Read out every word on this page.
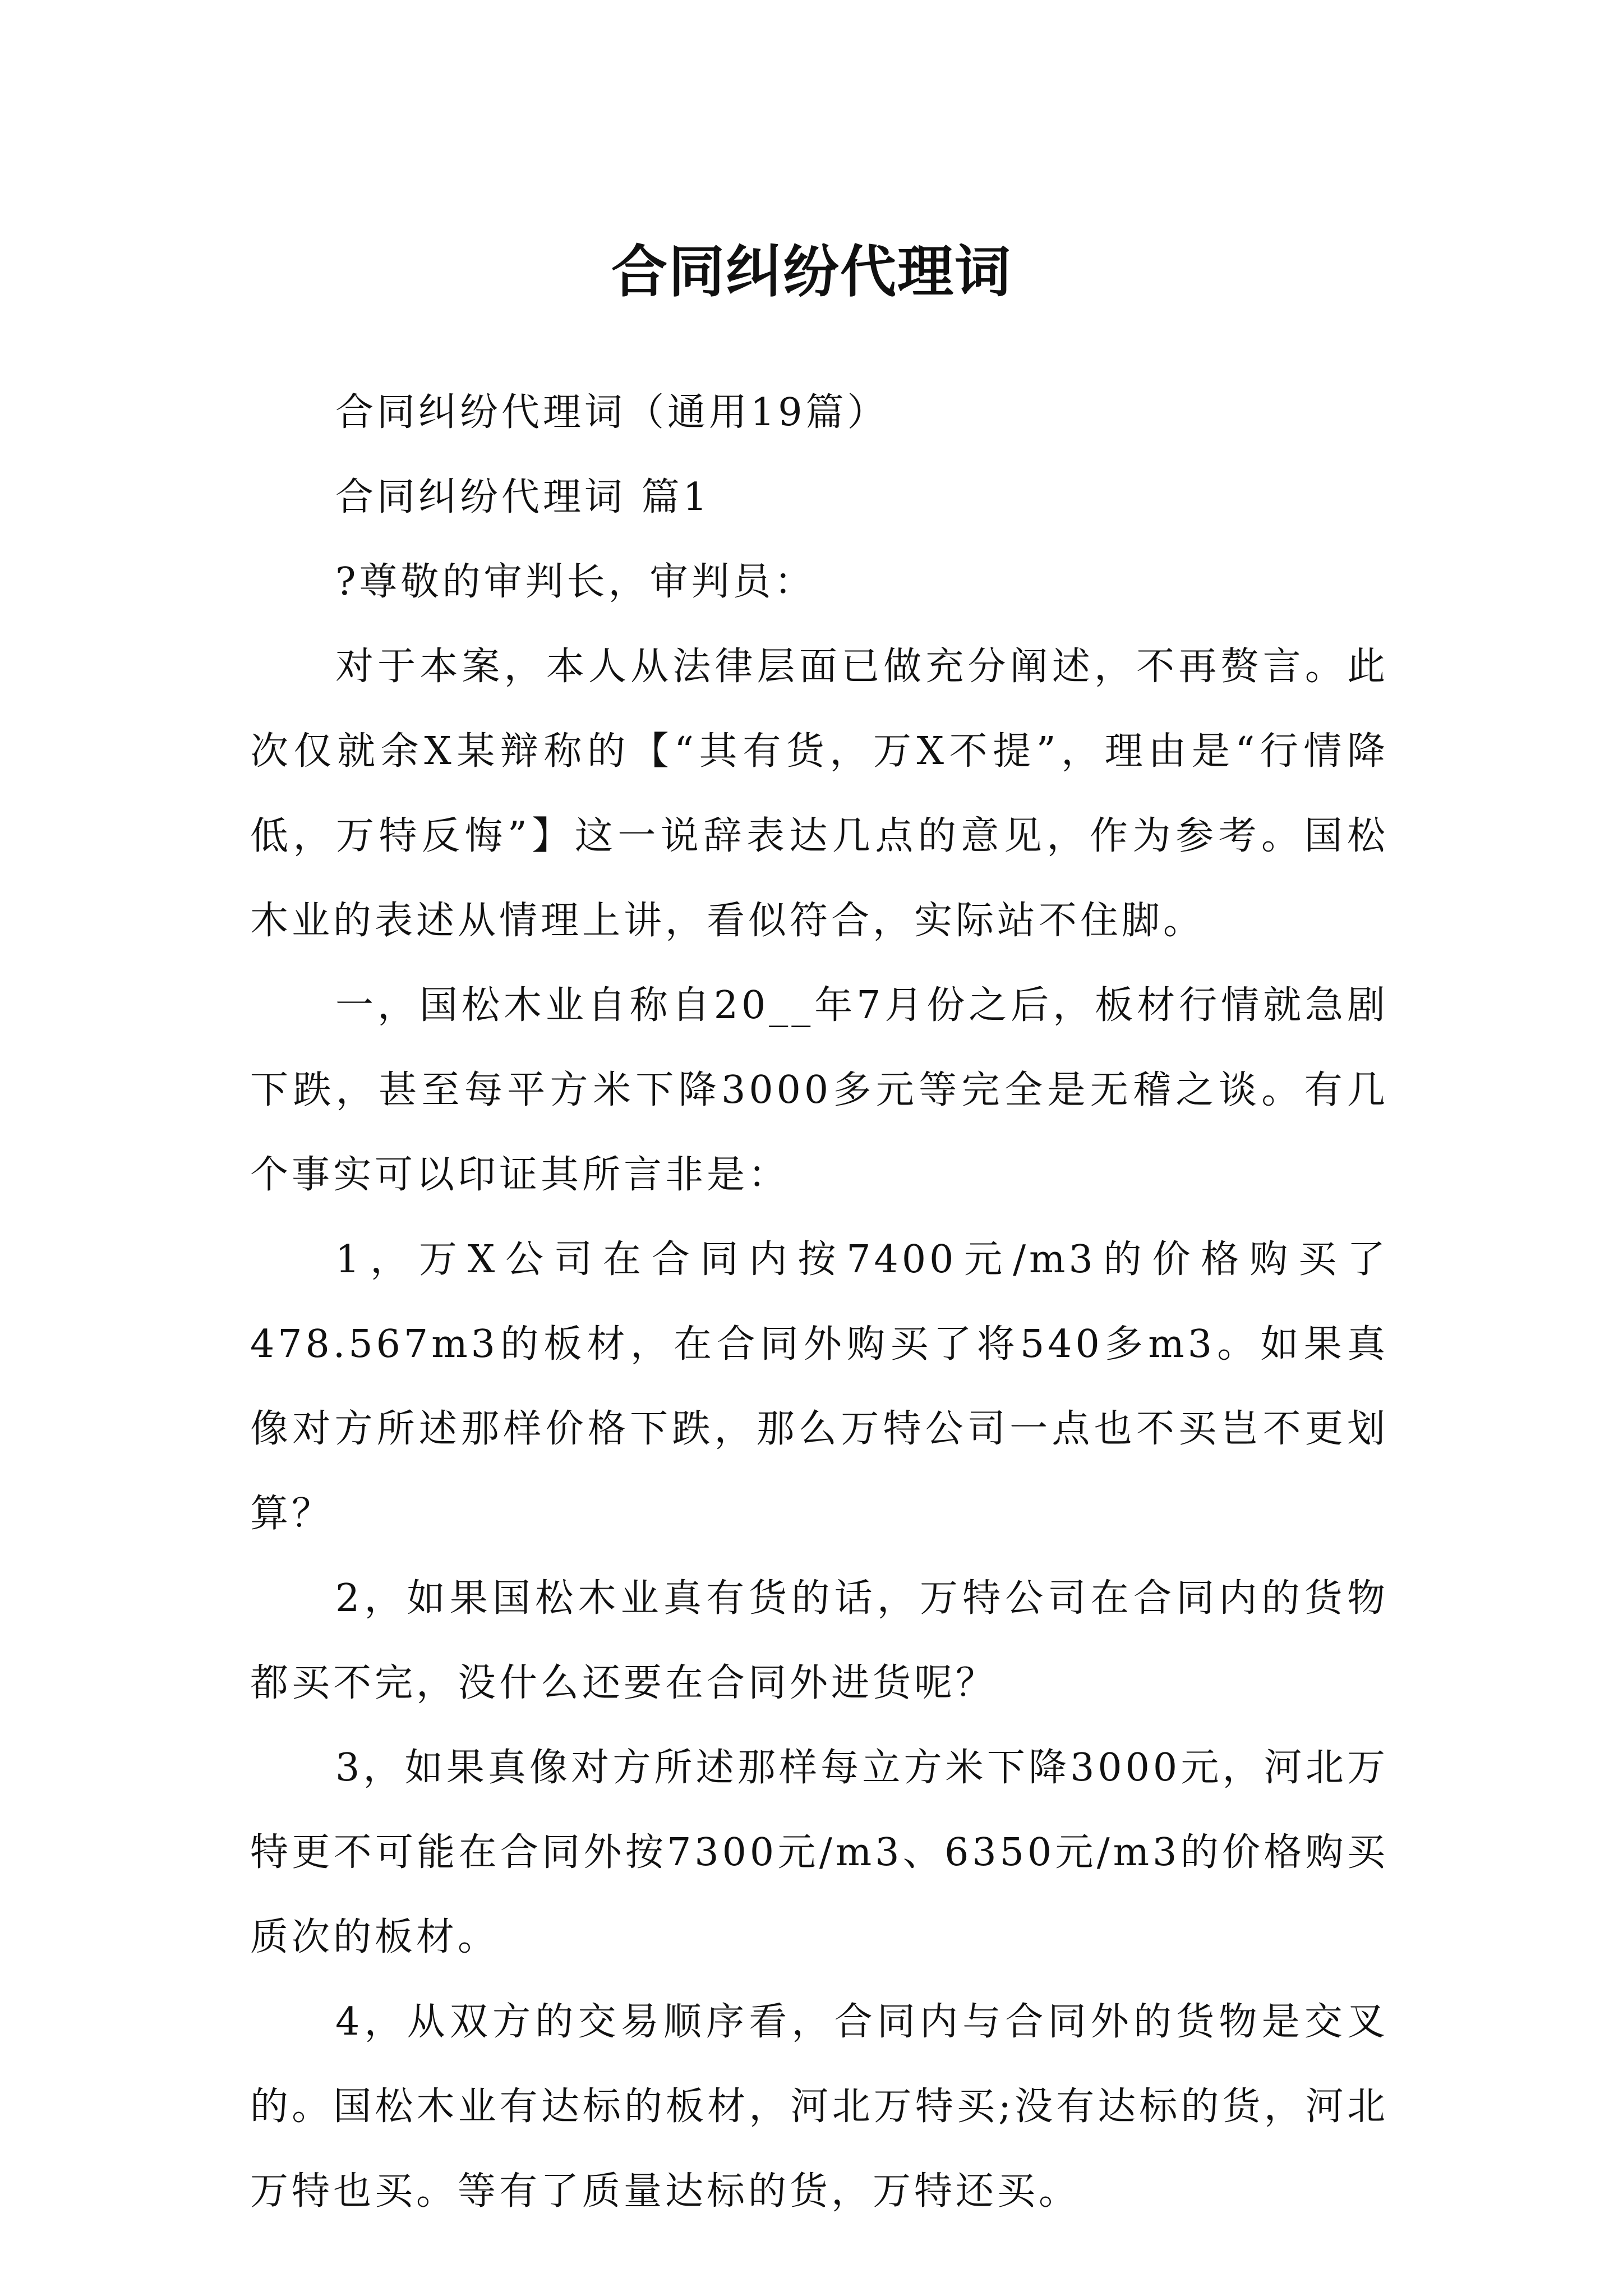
合同纠纷代理词

合同纠纷代理词（通用19篇）

合同纠纷代理词 篇1

?尊敬的审判长，审判员：

对于本案，本人从法律层面已做充分阐述，不再赘言。此次仅就余X某辩称的【“其有货，万X不提”，理由是“行情降低，万特反悔”】这一说辞表达几点的意见，作为参考。国松木业的表述从情理上讲，看似符合，实际站不住脚。

一，国松木业自称自20__年7月份之后，板材行情就急剧下跌，甚至每平方米下降3000多元等完全是无稽之谈。有几个事实可以印证其所言非是：

1，万X公司在合同内按7400元/m3的价格购买了478.567m3的板材，在合同外购买了将540多m3。如果真像对方所述那样价格下跌，那么万特公司一点也不买岂不更划算？

2，如果国松木业真有货的话，万特公司在合同内的货物都买不完，没什么还要在合同外进货呢？

3，如果真像对方所述那样每立方米下降3000元，河北万特更不可能在合同外按7300元/m3、6350元/m3的价格购买质次的板材。

4，从双方的交易顺序看，合同内与合同外的货物是交叉的。国松木业有达标的板材，河北万特买;没有达标的货，河北万特也买。等有了质量达标的货，万特还买。
